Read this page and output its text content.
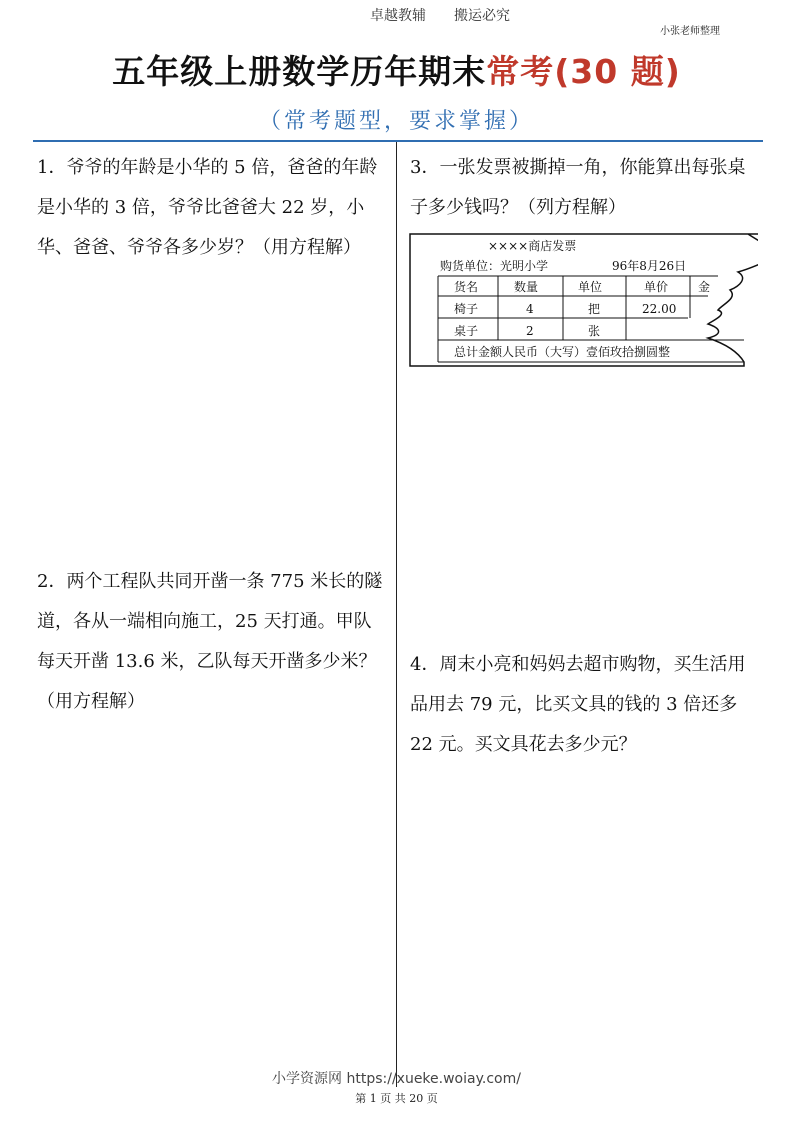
卓越教辅　　搬运必究
小张老师整理
五年级上册数学历年期末常考(30 题)
（常考题型，要求掌握）
1．爷爷的年龄是小华的 5 倍，爸爸的年龄是小华的 3 倍，爷爷比爸爸大 22 岁，小华、爸爸、爷爷各多少岁？（用方程解）
2．两个工程队共同开凿一条 775 米长的隧道，各从一端相向施工，25 天打通。甲队每天开凿 13.6 米，乙队每天开凿多少米？（用方程解）
3．一张发票被撕掉一角，你能算出每张桌子多少钱吗？（列方程解）
4．周末小亮和妈妈去超市购物，买生活用品用去 79 元，比买文具的钱的 3 倍还多 22 元。买文具花去多少元？
××××商店发票
购货单位：光明小学	96年8月26日
货名	数量	单位	单价 金
椅子	4	把	22.00
桌子	2	张
总计金额人民币（大写）壹佰玫拾捌圆整
小学资源网 https://xueke.woiay.com/
第 1 页 共 20 页
